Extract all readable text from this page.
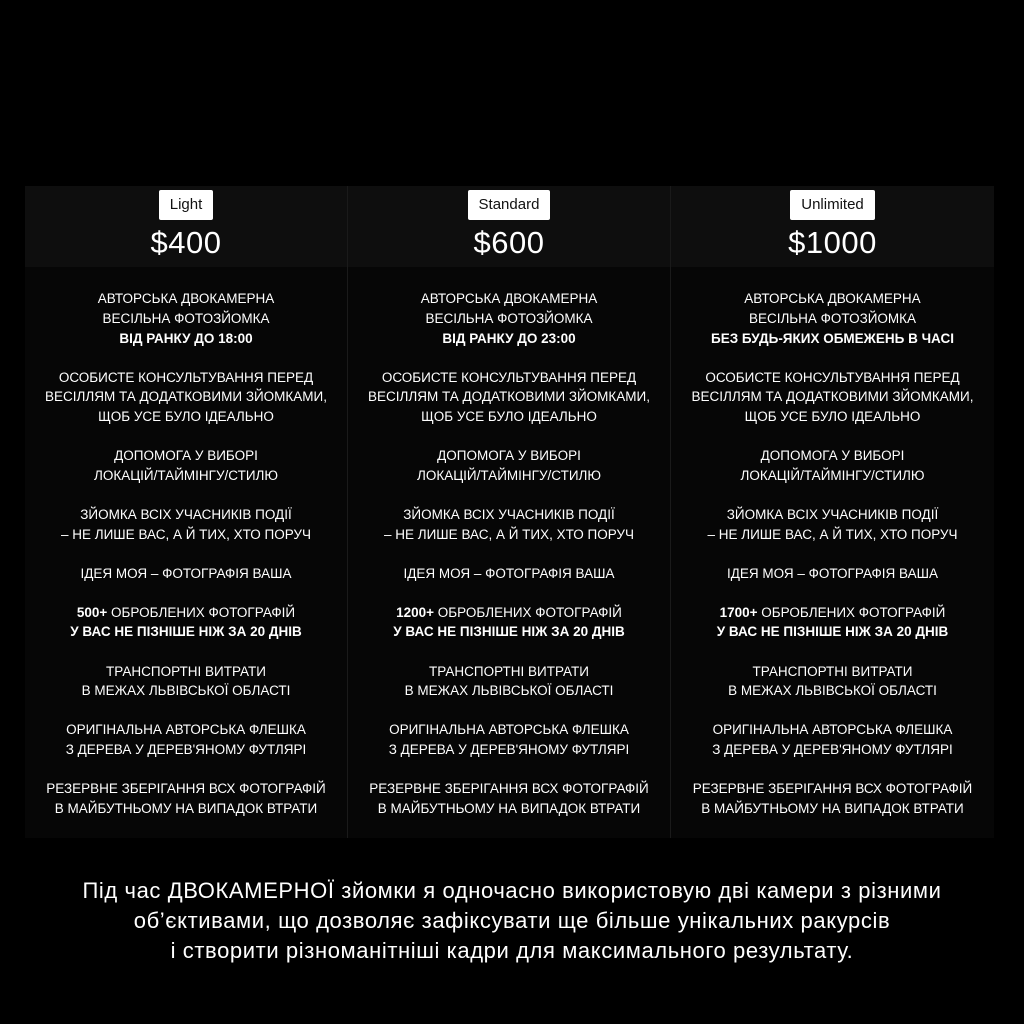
Light
$400
АВТОРСЬКА ДВОКАМЕРНА
ВЕСІЛЬНА ФОТОЗЙОМКА
ВІД РАНКУ ДО 18:00
ОСОБИСТЕ КОНСУЛЬТУВАННЯ ПЕРЕД
ВЕСІЛЛЯМ ТА ДОДАТКОВИМИ ЗЙОМКАМИ,
ЩОБ УСЕ БУЛО ІДЕАЛЬНО
ДОПОМОГА У ВИБОРІ
ЛОКАЦІЙ/ТАЙМІНГУ/СТИЛЮ
ЗЙОМКА ВСІХ УЧАСНИКІВ ПОДІЇ
– НЕ ЛИШЕ ВАС, А Й ТИХ, ХТО ПОРУЧ
ІДЕЯ МОЯ – ФОТОГРАФІЯ ВАША
500+ ОБРОБЛЕНИХ ФОТОГРАФІЙ
У ВАС НЕ ПІЗНІШЕ НІЖ ЗА 20 ДНІВ
ТРАНСПОРТНІ ВИТРАТИ
В МЕЖАХ ЛЬВІВСЬКОЇ ОБЛАСТІ
ОРИГІНАЛЬНА АВТОРСЬКА ФЛЕШКА
З ДЕРЕВА У ДЕРЕВ'ЯНОМУ ФУТЛЯРІ
РЕЗЕРВНЕ ЗБЕРІГАННЯ ВСХ ФОТОГРАФІЙ
В МАЙБУТНЬОМУ НА ВИПАДОК ВТРАТИ
Standard
$600
АВТОРСЬКА ДВОКАМЕРНА
ВЕСІЛЬНА ФОТОЗЙОМКА
ВІД РАНКУ ДО 23:00
ОСОБИСТЕ КОНСУЛЬТУВАННЯ ПЕРЕД
ВЕСІЛЛЯМ ТА ДОДАТКОВИМИ ЗЙОМКАМИ,
ЩОБ УСЕ БУЛО ІДЕАЛЬНО
ДОПОМОГА У ВИБОРІ
ЛОКАЦІЙ/ТАЙМІНГУ/СТИЛЮ
ЗЙОМКА ВСІХ УЧАСНИКІВ ПОДІЇ
– НЕ ЛИШЕ ВАС, А Й ТИХ, ХТО ПОРУЧ
ІДЕЯ МОЯ – ФОТОГРАФІЯ ВАША
1200+ ОБРОБЛЕНИХ ФОТОГРАФІЙ
У ВАС НЕ ПІЗНІШЕ НІЖ ЗА 20 ДНІВ
ТРАНСПОРТНІ ВИТРАТИ
В МЕЖАХ ЛЬВІВСЬКОЇ ОБЛАСТІ
ОРИГІНАЛЬНА АВТОРСЬКА ФЛЕШКА
З ДЕРЕВА У ДЕРЕВ'ЯНОМУ ФУТЛЯРІ
РЕЗЕРВНЕ ЗБЕРІГАННЯ ВСХ ФОТОГРАФІЙ
В МАЙБУТНЬОМУ НА ВИПАДОК ВТРАТИ
Unlimited
$1000
АВТОРСЬКА ДВОКАМЕРНА
ВЕСІЛЬНА ФОТОЗЙОМКА
БЕЗ БУДЬ-ЯКИХ ОБМЕЖЕНЬ В ЧАСІ
ОСОБИСТЕ КОНСУЛЬТУВАННЯ ПЕРЕД
ВЕСІЛЛЯМ ТА ДОДАТКОВИМИ ЗЙОМКАМИ,
ЩОБ УСЕ БУЛО ІДЕАЛЬНО
ДОПОМОГА У ВИБОРІ
ЛОКАЦІЙ/ТАЙМІНГУ/СТИЛЮ
ЗЙОМКА ВСІХ УЧАСНИКІВ ПОДІЇ
– НЕ ЛИШЕ ВАС, А Й ТИХ, ХТО ПОРУЧ
ІДЕЯ МОЯ – ФОТОГРАФІЯ ВАША
1700+ ОБРОБЛЕНИХ ФОТОГРАФІЙ
У ВАС НЕ ПІЗНІШЕ НІЖ ЗА 20 ДНІВ
ТРАНСПОРТНІ ВИТРАТИ
В МЕЖАХ ЛЬВІВСЬКОЇ ОБЛАСТІ
ОРИГІНАЛЬНА АВТОРСЬКА ФЛЕШКА
З ДЕРЕВА У ДЕРЕВ'ЯНОМУ ФУТЛЯРІ
РЕЗЕРВНЕ ЗБЕРІГАННЯ ВСХ ФОТОГРАФІЙ
В МАЙБУТНЬОМУ НА ВИПАДОК ВТРАТИ
Під час ДВОКАМЕРНОЇ зйомки я одночасно використовую дві камери з різними
об’єктивами, що дозволяє зафіксувати ще більше унікальних ракурсів
і створити різноманітніші кадри для максимального результату.
